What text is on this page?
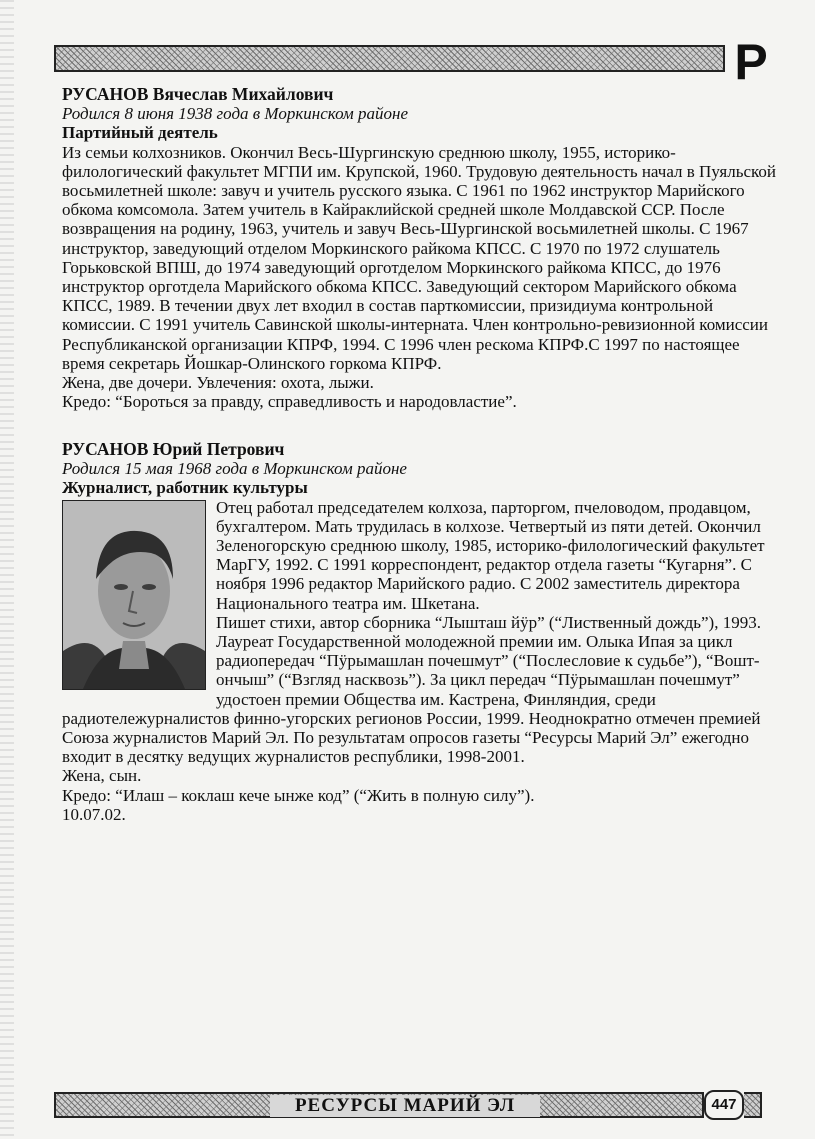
Р

РУСАНОВ Вячеслав Михайлович

Родился 8 июня 1938 года в Моркинском районе

Партийный деятель

Из семьи колхозников. Окончил Весь-Шургинскую среднюю школу, 1955, историко-филологический факультет МГПИ им. Крупской, 1960. Трудовую деятельность начал в Пуяльской восьмилетней школе: завуч и учитель русского языка. С 1961 по 1962 инструктор Марийского обкома комсомола. Затем учитель в Кайраклийской средней школе Молдавской ССР. После возвращения на родину, 1963, учитель и завуч Весь-Шургинской восьмилетней школы. С 1967 инструктор, заведующий отделом Моркинского райкома КПСС. С 1970 по 1972 слушатель Горьковской ВПШ, до 1974 заведующий орготделом Моркинского райкома КПСС, до 1976 инструктор орготдела Марийского обкома КПСС. Заведующий сектором Марийского обкома КПСС, 1989. В течении двух лет входил в состав парткомиссии, призидиума контрольной комиссии. С 1991 учитель Савинской школы-интерната. Член контрольно-ревизионной комиссии Республиканской организации КПРФ, 1994. С 1996 член рескома КПРФ.С 1997 по настоящее время секретарь Йошкар-Олинского горкома КПРФ.

Жена, две дочери. Увлечения: охота, лыжи.

Кредо: “Бороться за правду, справедливость и народовластие”.

РУСАНОВ Юрий Петрович

Родился 15 мая 1968 года в Моркинском районе

Журналист, работник культуры

Отец работал председателем колхоза, парторгом, пчеловодом, продавцом, бухгалтером. Мать трудилась в колхозе. Четвертый из пяти детей. Окончил Зеленогорскую среднюю школу, 1985, историко-филологический факультет МарГУ, 1992. С 1991 корреспондент, редактор отдела газеты “Кугарня”. С ноября 1996 редактор Марийского радио. С 2002 заместитель директора Национального театра им. Шкетана.

Пишет стихи, автор сборника “Лышташ йӱр” (“Лиственный дождь”), 1993.

Лауреат Государственной молодежной премии им. Олыка Ипая за цикл радиопередач “Пӱрымашлан почешмут” (“Послесловие к судьбе”), “Вошт-ончыш” (“Взгляд насквозь”). За цикл передач “Пӱрымашлан почешмут” удостоен премии Общества им. Кастрена, Финляндия, среди радиотележурналистов финно-угорских регионов России, 1999. Неоднократно отмечен премией Союза журналистов Марий Эл. По результатам опросов газеты “Ресурсы Марий Эл” ежегодно входит в десятку ведущих журналистов республики, 1998-2001.

Жена, сын.

Кредо: “Илаш – коклаш кече ынже код” (“Жить в полную силу”).

10.07.02.

РЕСУРСЫ МАРИЙ ЭЛ	447
